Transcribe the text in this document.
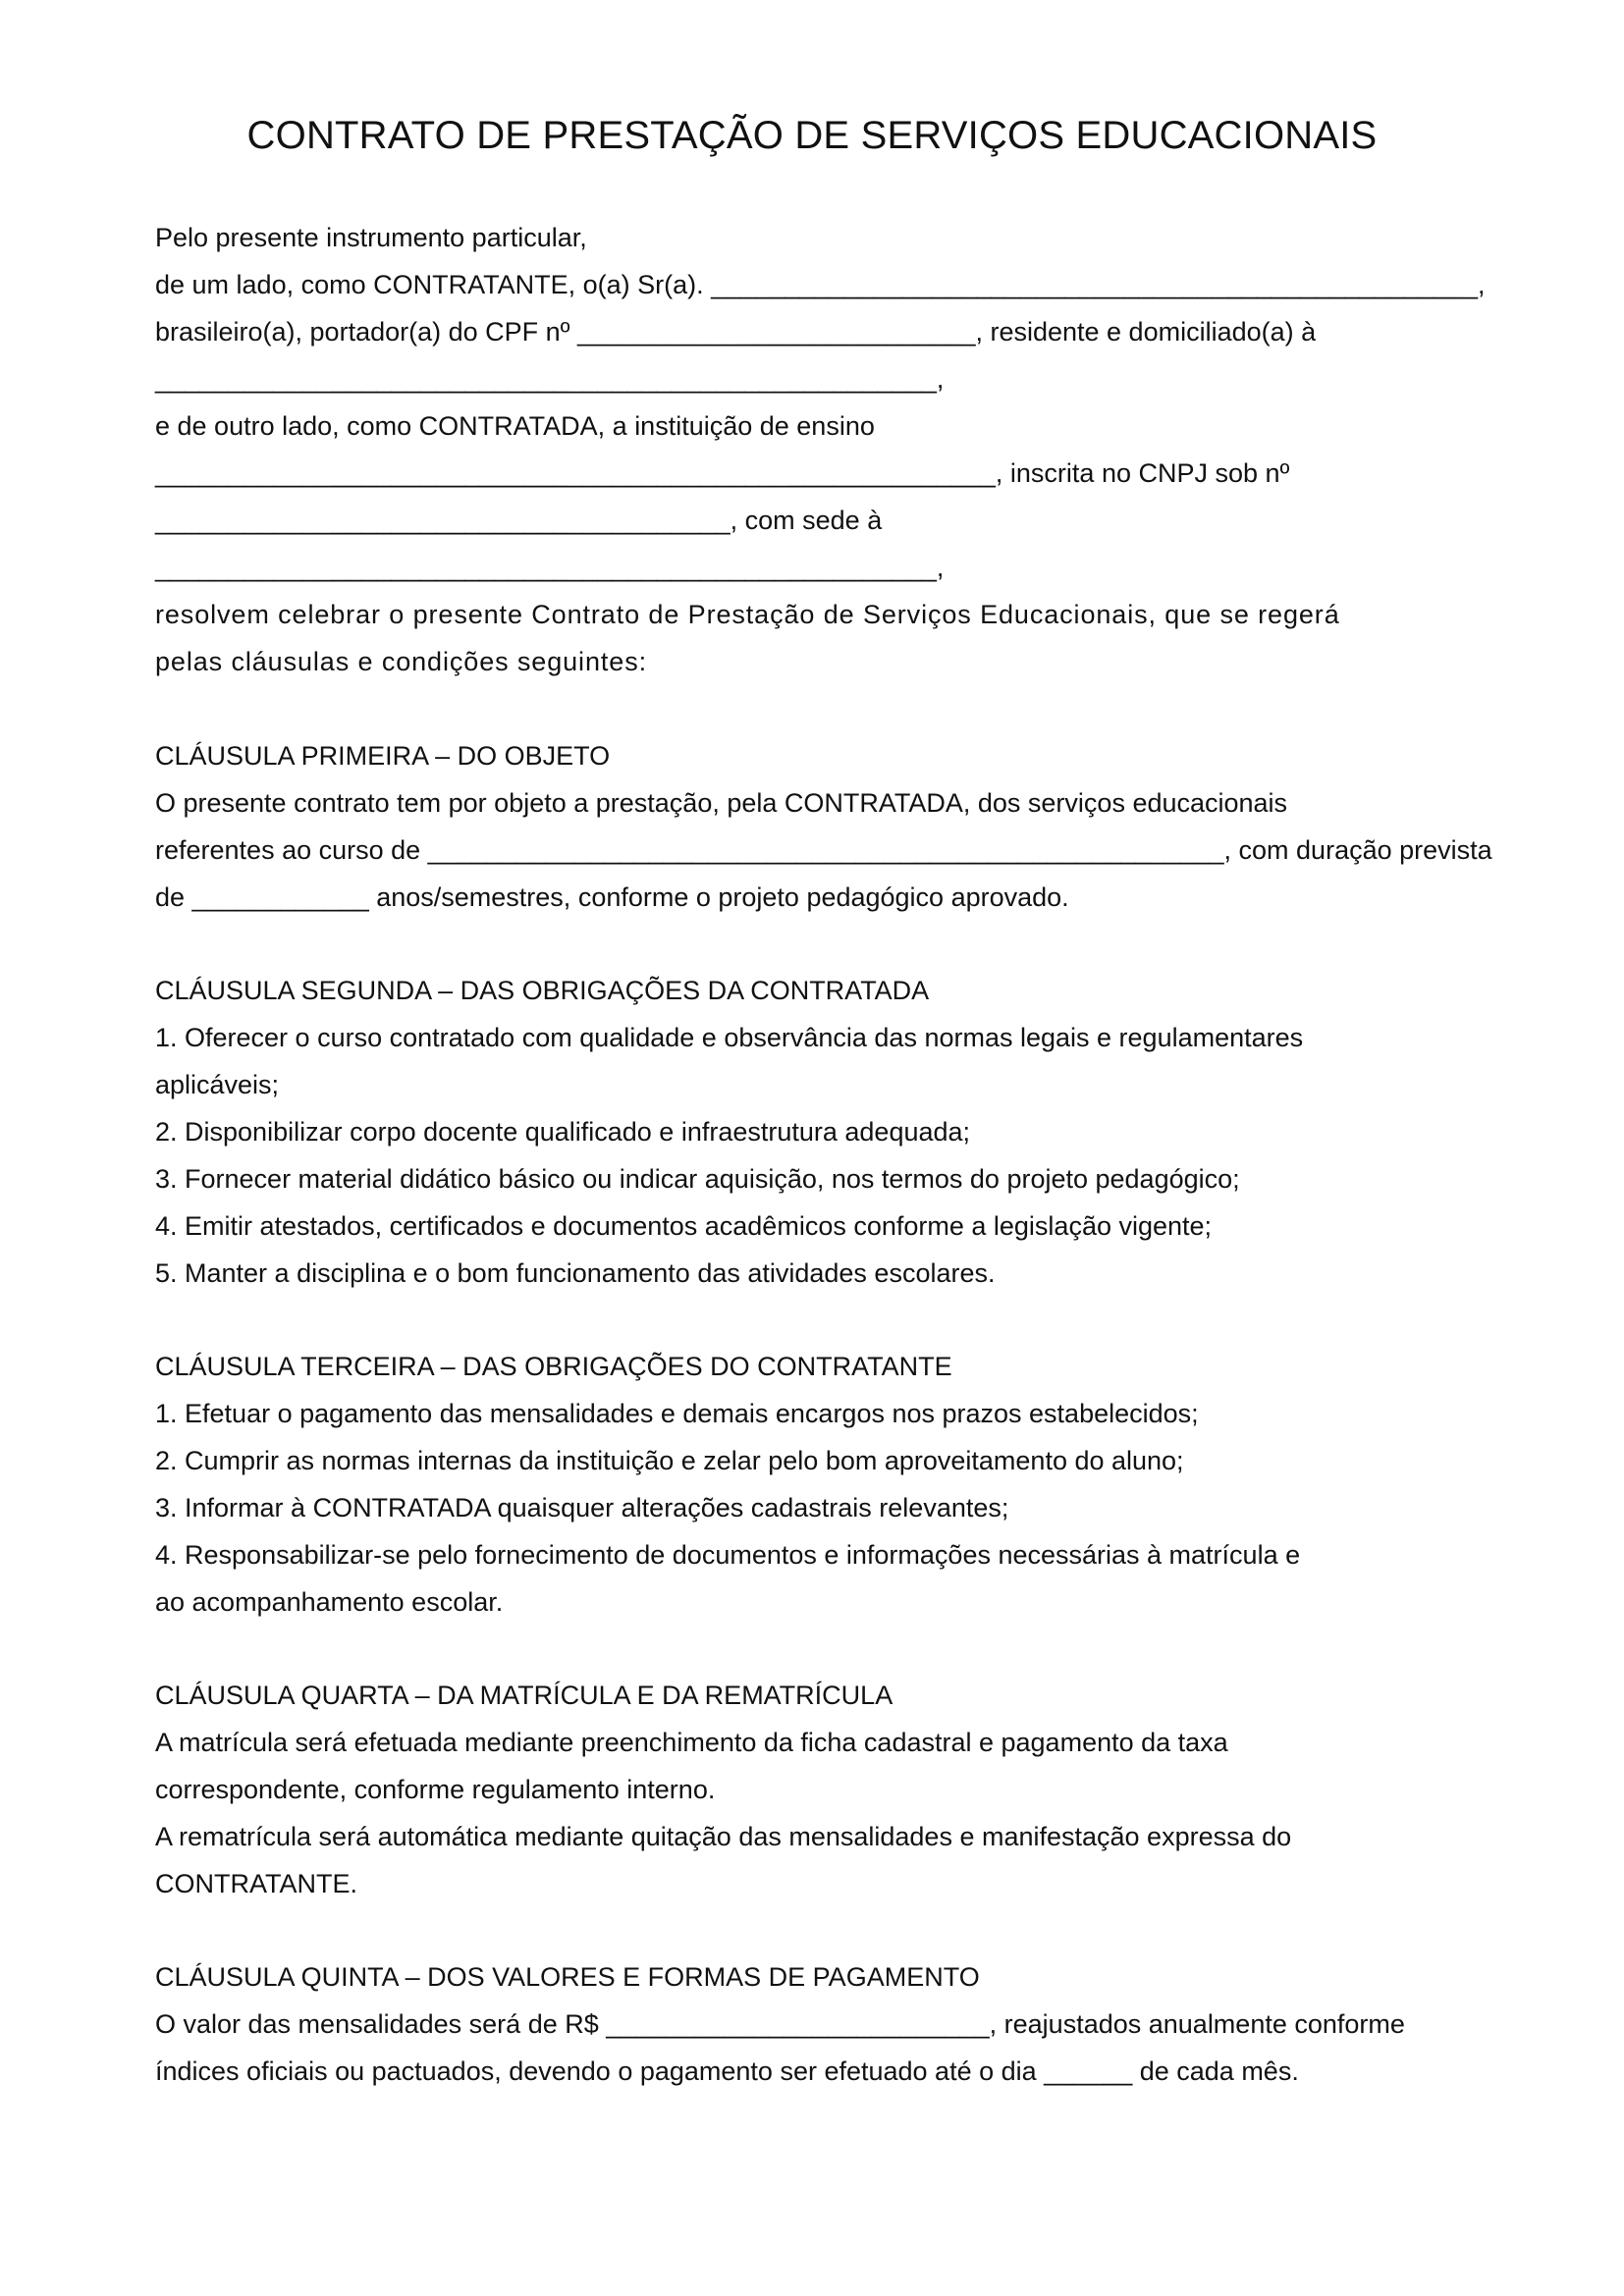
CONTRATO DE PRESTAÇÃO DE SERVIÇOS EDUCACIONAIS
Pelo presente instrumento particular,
de um lado, como CONTRATANTE, o(a) Sr(a). ____________________________________________________,
brasileiro(a), portador(a) do CPF nº ___________________________, residente e domiciliado(a) à
_____________________________________________________,
e de outro lado, como CONTRATADA, a instituição de ensino
_________________________________________________________, inscrita no CNPJ sob nº
_______________________________________, com sede à
_____________________________________________________,
resolvem celebrar o presente Contrato de Prestação de Serviços Educacionais, que se regerá
pelas cláusulas e condições seguintes:
CLÁUSULA PRIMEIRA – DO OBJETO
O presente contrato tem por objeto a prestação, pela CONTRATADA, dos serviços educacionais
referentes ao curso de ______________________________________________________, com duração prevista
de ____________ anos/semestres, conforme o projeto pedagógico aprovado.
CLÁUSULA SEGUNDA – DAS OBRIGAÇÕES DA CONTRATADA
1. Oferecer o curso contratado com qualidade e observância das normas legais e regulamentares
aplicáveis;
2. Disponibilizar corpo docente qualificado e infraestrutura adequada;
3. Fornecer material didático básico ou indicar aquisição, nos termos do projeto pedagógico;
4. Emitir atestados, certificados e documentos acadêmicos conforme a legislação vigente;
5. Manter a disciplina e o bom funcionamento das atividades escolares.
CLÁUSULA TERCEIRA – DAS OBRIGAÇÕES DO CONTRATANTE
1. Efetuar o pagamento das mensalidades e demais encargos nos prazos estabelecidos;
2. Cumprir as normas internas da instituição e zelar pelo bom aproveitamento do aluno;
3. Informar à CONTRATADA quaisquer alterações cadastrais relevantes;
4. Responsabilizar-se pelo fornecimento de documentos e informações necessárias à matrícula e
ao acompanhamento escolar.
CLÁUSULA QUARTA – DA MATRÍCULA E DA REMATRÍCULA
A matrícula será efetuada mediante preenchimento da ficha cadastral e pagamento da taxa
correspondente, conforme regulamento interno.
A rematrícula será automática mediante quitação das mensalidades e manifestação expressa do
CONTRATANTE.
CLÁUSULA QUINTA – DOS VALORES E FORMAS DE PAGAMENTO
O valor das mensalidades será de R$ __________________________, reajustados anualmente conforme
índices oficiais ou pactuados, devendo o pagamento ser efetuado até o dia ______ de cada mês.
